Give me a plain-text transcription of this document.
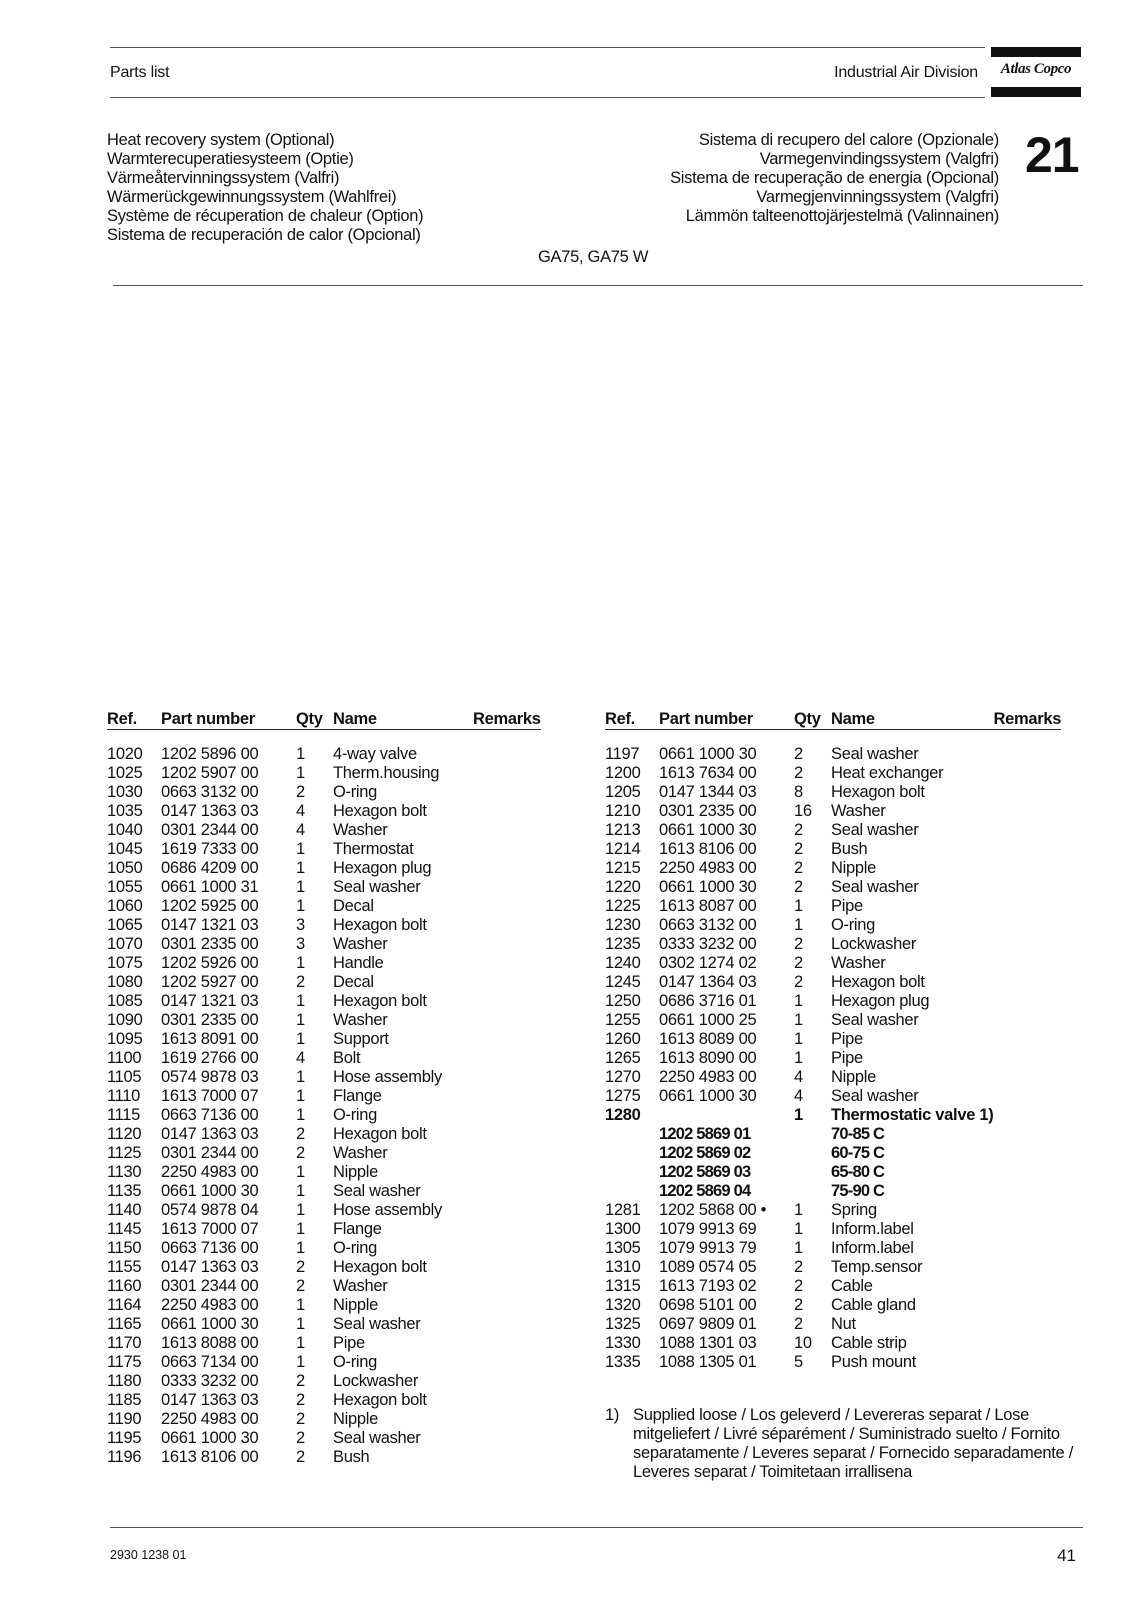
Parts list	Industrial Air Division	Atlas Copco
Heat recovery system (Optional)
Warmterecuperatiesysteem (Optie)
Värmeåtervinningssystem (Valfri)
Wärmerückgewinnungssystem (Wahlfrei)
Système de récuperation de chaleur (Option)
Sistema de recuperación de calor (Opcional)
Sistema di recupero del calore (Opzionale)
Varmegenvindingssystem (Valgfri)
Sistema de recuperação de energia (Opcional)
Varmegjenvinningssystem (Valgfri)
Lämmön talteenottojärjestelmä (Valinnainen)
21
GA75, GA75 W
Ref.	Part number	Qty	Name	Remarks
1020	1202 5896 00	1	4-way valve	
1025	1202 5907 00	1	Therm.housing	
1030	0663 3132 00	2	O-ring	
1035	0147 1363 03	4	Hexagon bolt	
1040	0301 2344 00	4	Washer	
1045	1619 7333 00	1	Thermostat	
1050	0686 4209 00	1	Hexagon plug	
1055	0661 1000 31	1	Seal washer	
1060	1202 5925 00	1	Decal	
1065	0147 1321 03	3	Hexagon bolt	
1070	0301 2335 00	3	Washer	
1075	1202 5926 00	1	Handle	
1080	1202 5927 00	2	Decal	
1085	0147 1321 03	1	Hexagon bolt	
1090	0301 2335 00	1	Washer	
1095	1613 8091 00	1	Support	
1100	1619 2766 00	4	Bolt	
1105	0574 9878 03	1	Hose assembly	
1110	1613 7000 07	1	Flange	
1115	0663 7136 00	1	O-ring	
1120	0147 1363 03	2	Hexagon bolt	
1125	0301 2344 00	2	Washer	
1130	2250 4983 00	1	Nipple	
1135	0661 1000 30	1	Seal washer	
1140	0574 9878 04	1	Hose assembly	
1145	1613 7000 07	1	Flange	
1150	0663 7136 00	1	O-ring	
1155	0147 1363 03	2	Hexagon bolt	
1160	0301 2344 00	2	Washer	
1164	2250 4983 00	1	Nipple	
1165	0661 1000 30	1	Seal washer	
1170	1613 8088 00	1	Pipe	
1175	0663 7134 00	1	O-ring	
1180	0333 3232 00	2	Lockwasher	
1185	0147 1363 03	2	Hexagon bolt	
1190	2250 4983 00	2	Nipple	
1195	0661 1000 30	2	Seal washer	
1196	1613 8106 00	2	Bush	
Ref.	Part number	Qty	Name	Remarks
1197	0661 1000 30	2	Seal washer	
1200	1613 7634 00	2	Heat exchanger	
1205	0147 1344 03	8	Hexagon bolt	
1210	0301 2335 00	16	Washer	
1213	0661 1000 30	2	Seal washer	
1214	1613 8106 00	2	Bush	
1215	2250 4983 00	2	Nipple	
1220	0661 1000 30	2	Seal washer	
1225	1613 8087 00	1	Pipe	
1230	0663 3132 00	1	O-ring	
1235	0333 3232 00	2	Lockwasher	
1240	0302 1274 02	2	Washer	
1245	0147 1364 03	2	Hexagon bolt	
1250	0686 3716 01	1	Hexagon plug	
1255	0661 1000 25	1	Seal washer	
1260	1613 8089 00	1	Pipe	
1265	1613 8090 00	1	Pipe	
1270	2250 4983 00	4	Nipple	
1275	0661 1000 30	4	Seal washer	
1280		1	Thermostatic valve 1)	
	1202 5869 01		70-85 C	
	1202 5869 02		60-75 C	
	1202 5869 03		65-80 C	
	1202 5869 04		75-90 C	
1281	1202 5868 00 •	1	Spring	
1300	1079 9913 69	1	Inform.label	
1305	1079 9913 79	1	Inform.label	
1310	1089 0574 05	2	Temp.sensor	
1315	1613 7193 02	2	Cable	
1320	0698 5101 00	2	Cable gland	
1325	0697 9809 01	2	Nut	
1330	1088 1301 03	10	Cable strip	
1335	1088 1305 01	5	Push mount	
1) Supplied loose / Los geleverd / Levereras separat / Lose
mitgeliefert / Livré séparément / Suministrado suelto / Fornito
separatamente / Leveres separat / Fornecido separadamente /
Leveres separat / Toimitetaan irrallisena
2930 1238 01	41
